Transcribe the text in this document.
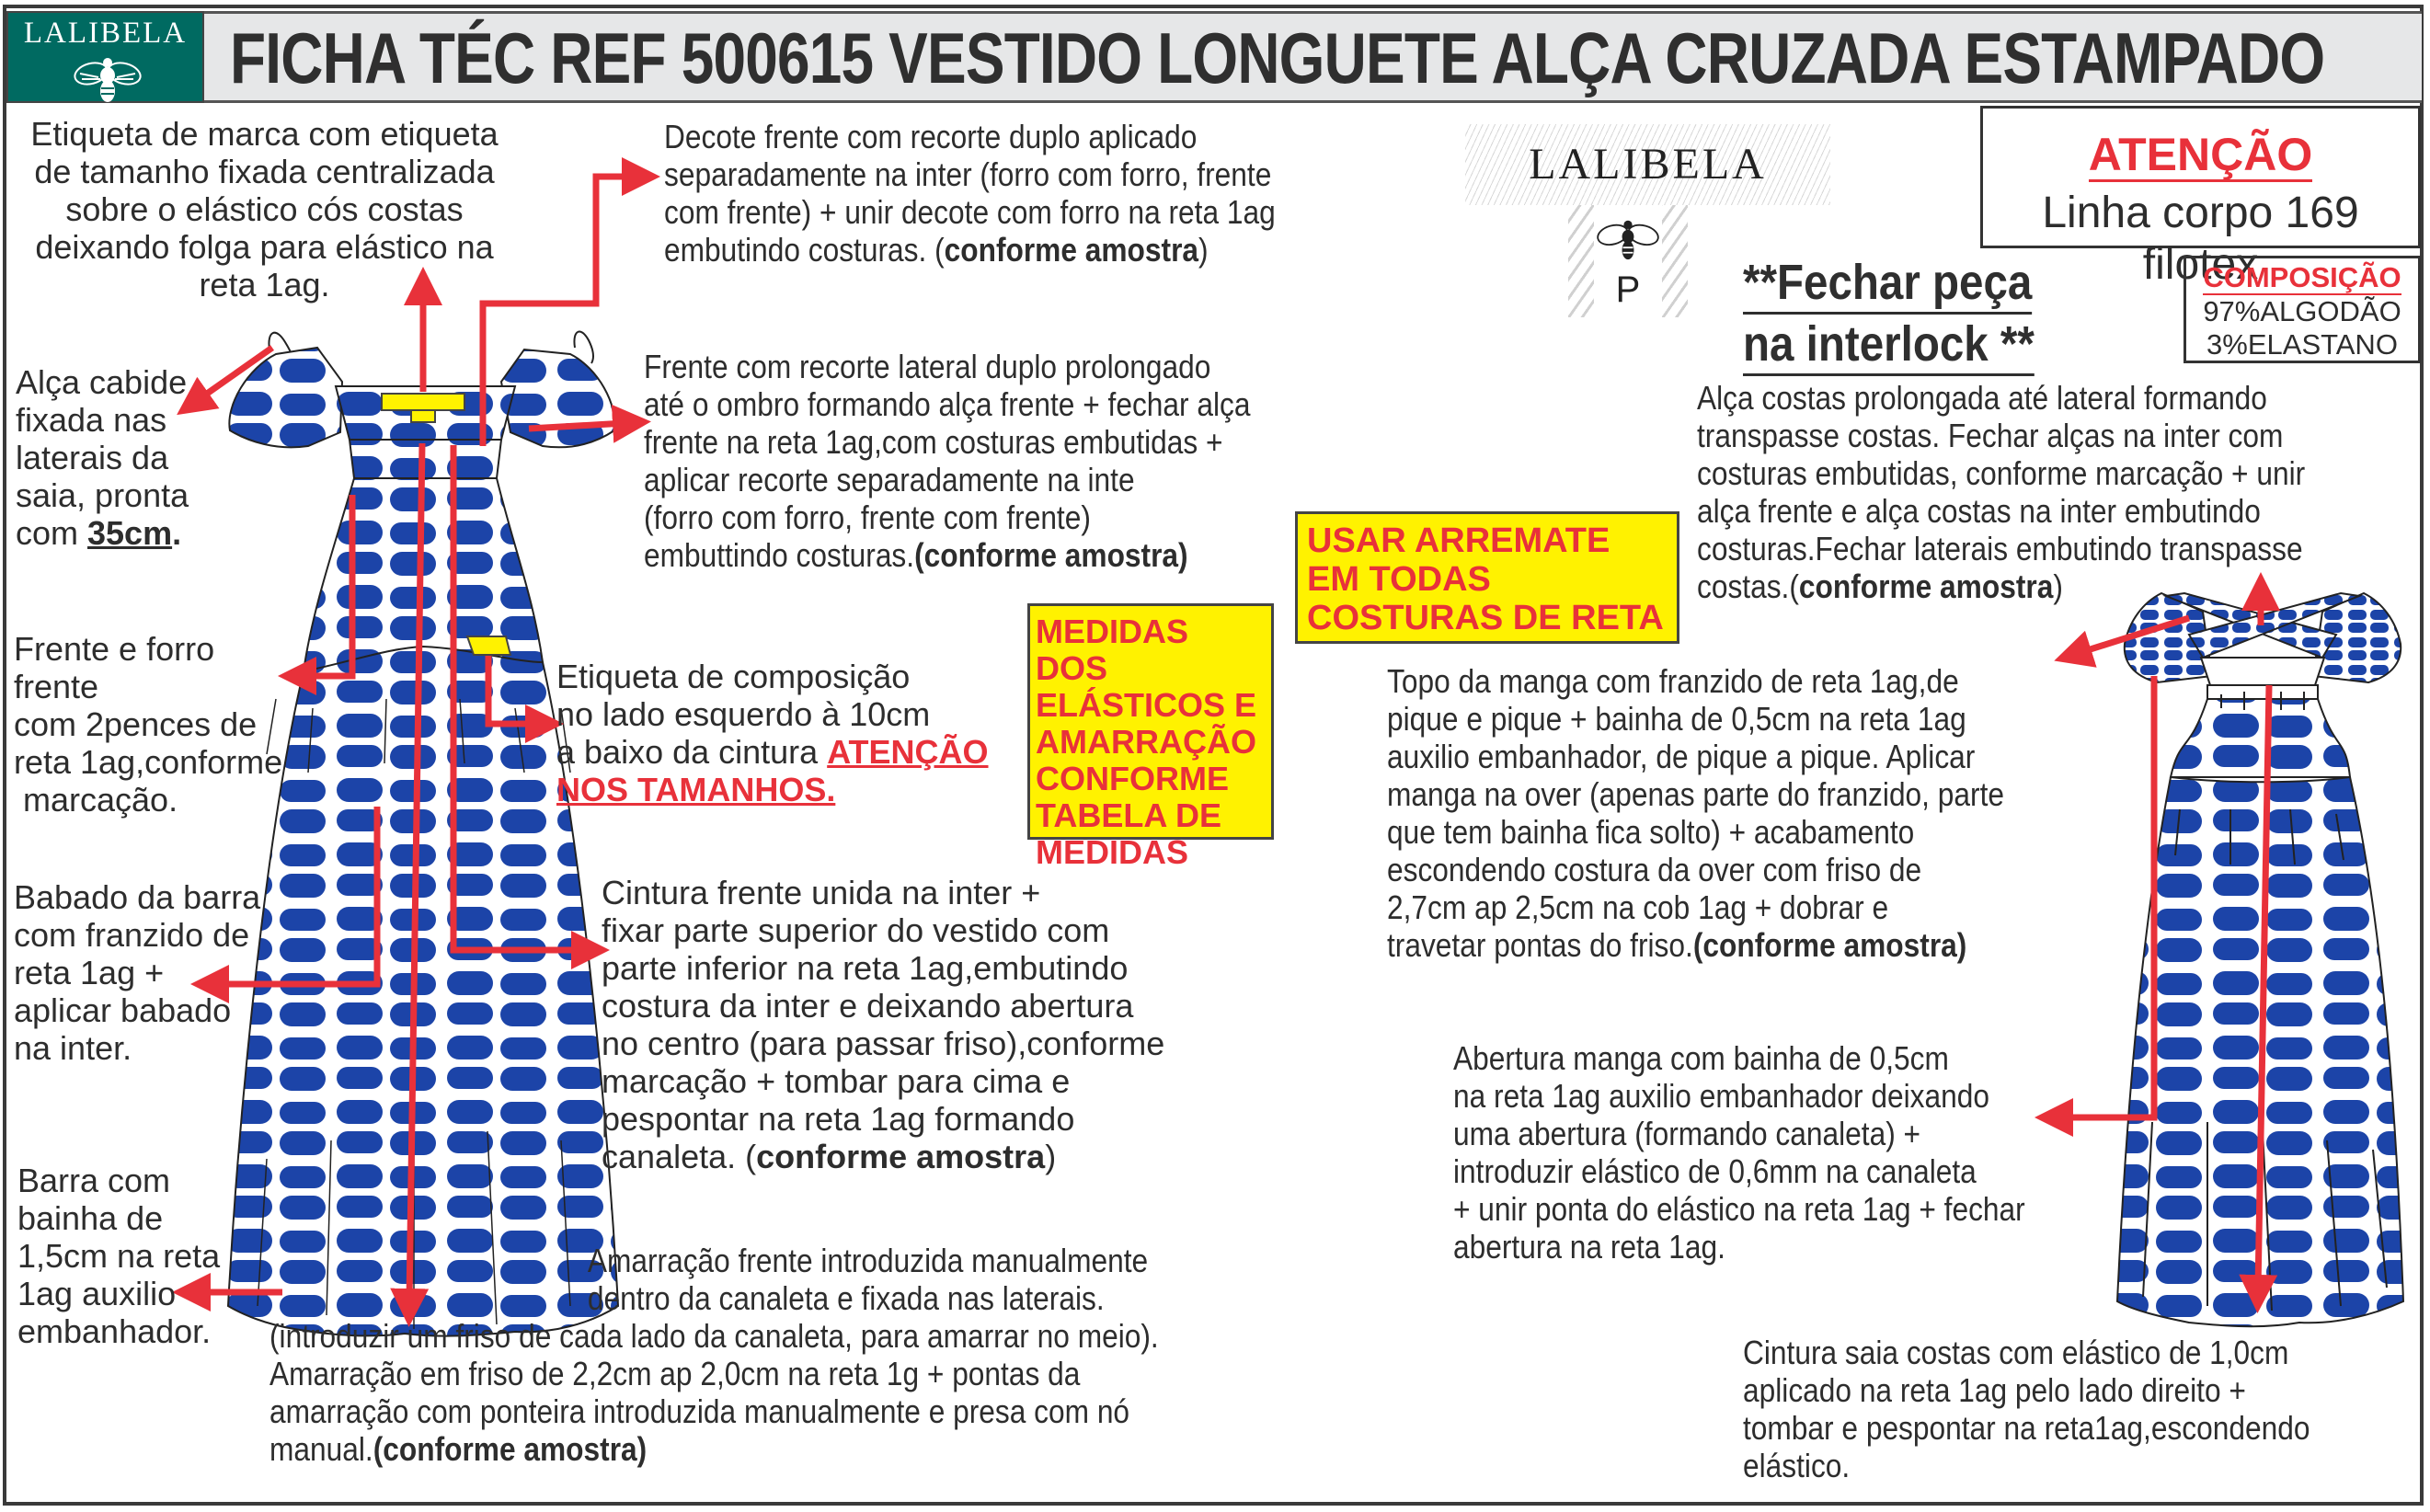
LALIBELA FICHA TÉC REF 500615 VESTIDO LONGUETE ALÇA CRUZADA ESTAMPADO
LALIBELA
P
ATENÇÃO
Linha corpo 169 filotex
COMPOSIÇÃO
97%ALGODÃO
3%ELASTANO
**Fechar peça
na interlock **
USAR ARREMATE
EM TODAS
COSTURAS DE RETA
MEDIDAS DOS
ELÁSTICOS E
AMARRAÇÃO
CONFORME
TABELA DE
MEDIDAS
Etiqueta de marca com etiqueta
de tamanho fixada centralizada
sobre o elástico cós costas
deixando folga para elástico na
reta 1ag.
Decote frente com recorte duplo aplicado
separadamente na inter (forro com forro, frente
com frente) + unir decote com forro na reta 1ag
embutindo costuras. (conforme amostra)
Frente com recorte lateral duplo prolongado
até o ombro formando alça frente + fechar alça
frente na reta 1ag,com costuras embutidas +
aplicar recorte separadamente na inte
(forro com forro, frente com frente)
embuttindo costuras.(conforme amostra)
Alça cabide
fixada nas
laterais da
saia, pronta
com 35cm.
Frente e forro frente
com 2pences de
reta 1ag,conforme
marcação.
Etiqueta de composição
no lado esquerdo à 10cm
a baixo da cintura ATENÇÃO
NOS TAMANHOS.
Babado da barra
com franzido de
reta 1ag +
aplicar babado
na inter.
Barra com
bainha de
1,5cm na reta
1ag auxilio
embanhador.
Cintura frente unida na inter +
fixar parte superior do vestido com
parte inferior na reta 1ag,embutindo
costura da inter e deixando abertura
no centro (para passar friso),conforme
marcação + tombar para cima e
pespontar na reta 1ag formando
canaleta. (conforme amostra)
Amarração frente introduzida manualmente
dentro da canaleta e fixada nas laterais.
(introduzir um friso de cada lado da canaleta, para amarrar no meio).
Amarração em friso de 2,2cm ap 2,0cm na reta 1g + pontas da
amarração com ponteira introduzida manualmente e presa com nó
manual.(conforme amostra)
Alça costas prolongada até lateral formando
transpasse costas. Fechar alças na inter com
costuras embutidas, conforme marcação + unir
alça frente e alça costas na inter embutindo
costuras.Fechar laterais embutindo transpasse
costas.(conforme amostra)
Topo da manga com franzido de reta 1ag,de
pique e pique + bainha de 0,5cm na reta 1ag
auxilio embanhador, de pique a pique. Aplicar
manga na over (apenas parte do franzido, parte
que tem bainha fica solto) + acabamento
escondendo costura da over com friso de
2,7cm ap 2,5cm na cob 1ag + dobrar e
travetar pontas do friso.(conforme amostra)
Abertura manga com bainha de 0,5cm
na reta 1ag auxilio embanhador deixando
uma abertura (formando canaleta) +
introduzir elástico de 0,6mm na canaleta
+ unir ponta do elástico na reta 1ag + fechar
abertura na reta 1ag.
Cintura saia costas com elástico de 1,0cm
aplicado na reta 1ag pelo lado direito +
tombar e pespontar na reta1ag,escondendo
elástico.
